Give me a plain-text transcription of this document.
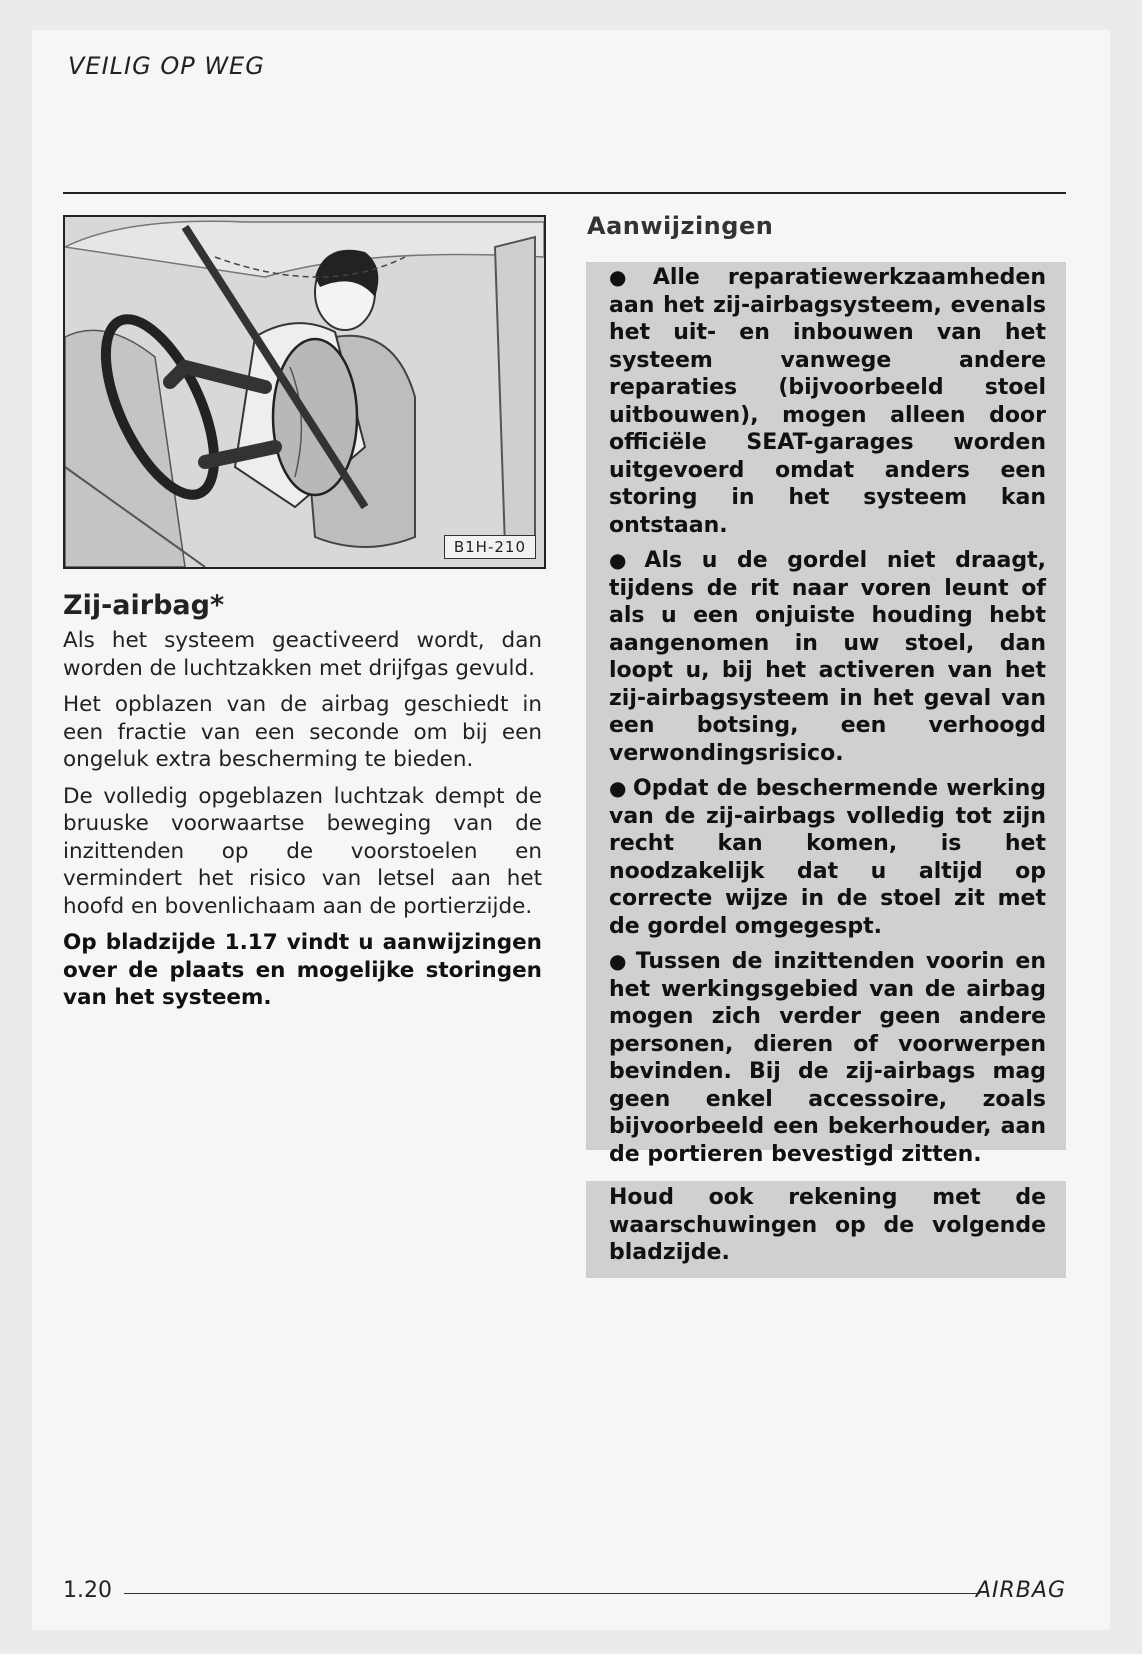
VEILIG OP WEG
B1H-210
Zij-airbag*

Als het systeem geactiveerd wordt, dan worden de luchtzakken met drijfgas gevuld.

Het opblazen van de airbag geschiedt in een fractie van een seconde om bij een ongeluk extra bescherming te bieden.

De volledig opgeblazen luchtzak dempt de bruuske voorwaartse beweging van de inzittenden op de voorstoelen en vermindert het risico van letsel aan het hoofd en bovenlichaam aan de portierzijde.

Op bladzijde 1.17 vindt u aanwijzingen over de plaats en mogelijke storingen van het systeem.

Aanwijzingen

● Alle reparatiewerkzaamheden aan het zij-airbagsysteem, evenals het uit- en inbouwen van het systeem vanwege andere reparaties (bijvoorbeeld stoel uitbouwen), mogen alleen door officiële SEAT-garages worden uitgevoerd omdat anders een storing in het systeem kan ontstaan.

● Als u de gordel niet draagt, tijdens de rit naar voren leunt of als u een onjuiste houding hebt aangenomen in uw stoel, dan loopt u, bij het activeren van het zij-airbagsysteem in het geval van een botsing, een verhoogd verwondingsrisico.

● Opdat de beschermende werking van de zij-airbags volledig tot zijn recht kan komen, is het noodzakelijk dat u altijd op correcte wijze in de stoel zit met de gordel omgegespt.

● Tussen de inzittenden voorin en het werkingsgebied van de airbag mogen zich verder geen andere personen, dieren of voorwerpen bevinden. Bij de zij-airbags mag geen enkel accessoire, zoals bijvoorbeeld een bekerhouder, aan de portieren bevestigd zitten.

Houd ook rekening met de waarschuwingen op de volgende bladzijde.

1.20	AIRBAG
